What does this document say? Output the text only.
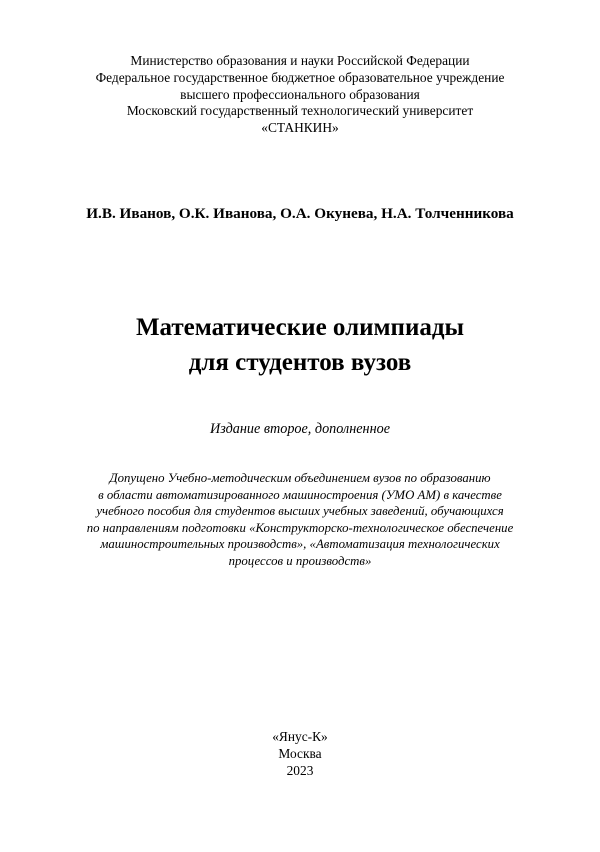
Министерство образования и науки Российской Федерации
Федеральное государственное бюджетное образовательное учреждение
высшего профессионального образования
Московский государственный технологический университет
«СТАНКИН»
И.В. Иванов, О.К. Иванова, О.А. Окунева, Н.А. Толченникова
Математические олимпиады
для студентов вузов
Издание второе, дополненное
Допущено Учебно-методическим объединением вузов по образованию
в области автоматизированного машиностроения (УМО АМ) в качестве
учебного пособия для студентов высших учебных заведений, обучающихся
по направлениям подготовки «Конструкторско-технологическое обеспечение
машиностроительных производств», «Автоматизация технологических
процессов и производств»
«Янус-К»
Москва
2023
